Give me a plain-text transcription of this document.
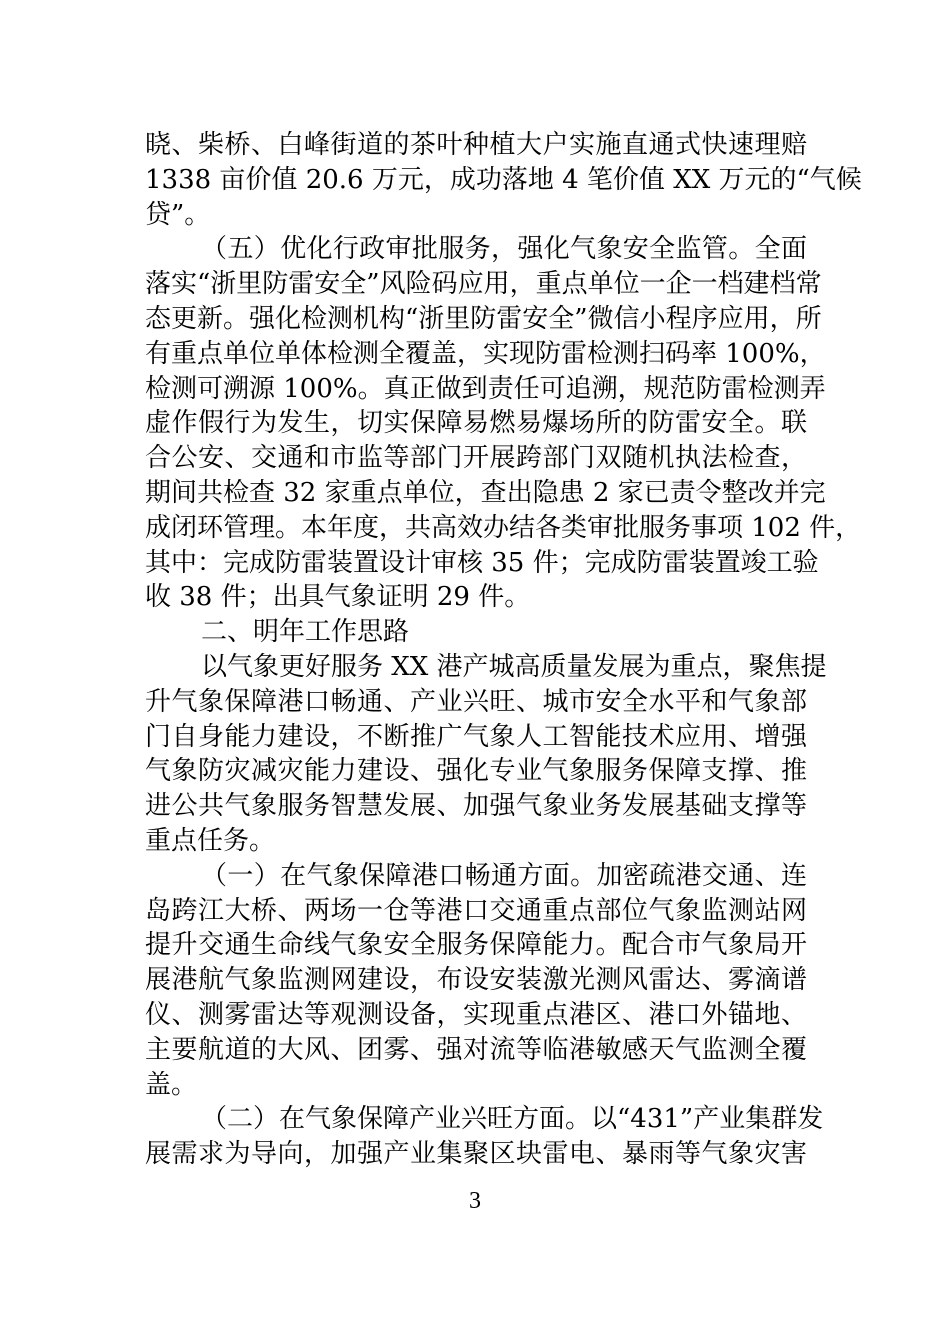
晓、柴桥、白峰街道的茶叶种植大户实施直通式快速理赔
1338 亩价值 20.6 万元，成功落地 4 笔价值 XX 万元的“气候
贷”。
（五）优化行政审批服务，强化气象安全监管。全面
落实“浙里防雷安全”风险码应用，重点单位一企一档建档常
态更新。强化检测机构“浙里防雷安全”微信小程序应用，所
有重点单位单体检测全覆盖，实现防雷检测扫码率 100%，
检测可溯源 100%。真正做到责任可追溯，规范防雷检测弄
虚作假行为发生，切实保障易燃易爆场所的防雷安全。联
合公安、交通和市监等部门开展跨部门双随机执法检查，
期间共检查 32 家重点单位，查出隐患 2 家已责令整改并完
成闭环管理。本年度，共高效办结各类审批服务事项 102 件，
其中：完成防雷装置设计审核 35 件；完成防雷装置竣工验
收 38 件；出具气象证明 29 件。
二、明年工作思路
以气象更好服务 XX 港产城高质量发展为重点，聚焦提
升气象保障港口畅通、产业兴旺、城市安全水平和气象部
门自身能力建设，不断推广气象人工智能技术应用、增强
气象防灾减灾能力建设、强化专业气象服务保障支撑、推
进公共气象服务智慧发展、加强气象业务发展基础支撑等
重点任务。
（一）在气象保障港口畅通方面。加密疏港交通、连
岛跨江大桥、两场一仓等港口交通重点部位气象监测站网
提升交通生命线气象安全服务保障能力。配合市气象局开
展港航气象监测网建设，布设安装激光测风雷达、雾滴谱
仪、测雾雷达等观测设备，实现重点港区、港口外锚地、
主要航道的大风、团雾、强对流等临港敏感天气监测全覆
盖。
（二）在气象保障产业兴旺方面。以“431”产业集群发
展需求为导向，加强产业集聚区块雷电、暴雨等气象灾害
3
